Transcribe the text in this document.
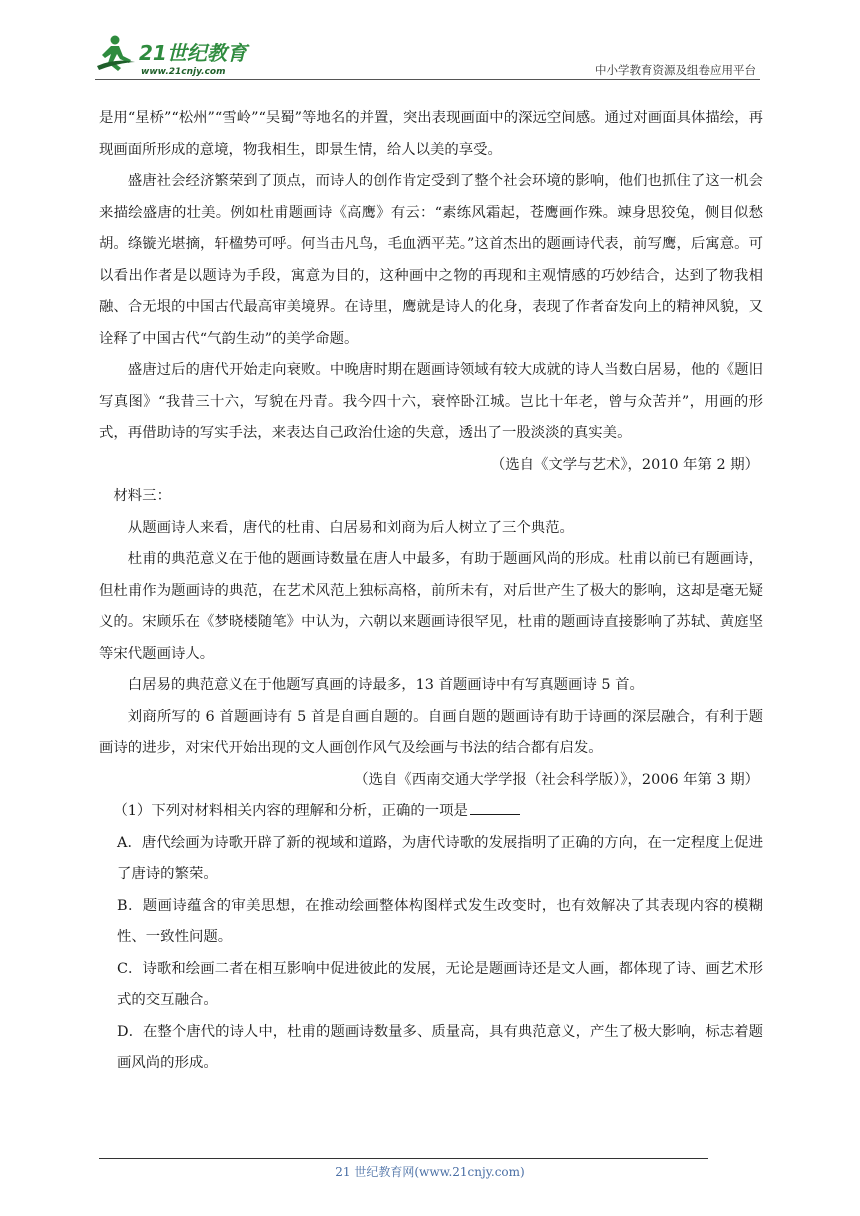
21世纪教育
www.21cnjy.com	中小学教育资源及组卷应用平台

是用“星桥”“松州”“雪岭”“吴蜀”等地名的并置，突出表现画面中的深远空间感。通过对画面具体描绘，再现画面所形成的意境，物我相生，即景生情，给人以美的享受。

盛唐社会经济繁荣到了顶点，而诗人的创作肯定受到了整个社会环境的影响，他们也抓住了这一机会来描绘盛唐的壮美。例如杜甫题画诗《高鹰》有云：“素练风霜起，苍鹰画作殊。竦身思狡兔，侧目似愁胡。绦镟光堪摘，轩楹势可呼。何当击凡鸟，毛血洒平芜。”这首杰出的题画诗代表，前写鹰，后寓意。可以看出作者是以题诗为手段，寓意为目的，这种画中之物的再现和主观情感的巧妙结合，达到了物我相融、合无垠的中国古代最高审美境界。在诗里，鹰就是诗人的化身，表现了作者奋发向上的精神风貌，又诠释了中国古代“气韵生动”的美学命题。

盛唐过后的唐代开始走向衰败。中晚唐时期在题画诗领域有较大成就的诗人当数白居易，他的《题旧写真图》“我昔三十六，写貌在丹青。我今四十六，衰悴卧江城。岂比十年老，曾与众苦并”，用画的形式，再借助诗的写实手法，来表达自己政治仕途的失意，透出了一股淡淡的真实美。

（选自《文学与艺术》，2010 年第 2 期）

材料三：

从题画诗人来看，唐代的杜甫、白居易和刘商为后人树立了三个典范。

杜甫的典范意义在于他的题画诗数量在唐人中最多，有助于题画风尚的形成。杜甫以前已有题画诗，但杜甫作为题画诗的典范，在艺术风范上独标高格，前所未有，对后世产生了极大的影响，这却是毫无疑义的。宋顾乐在《梦晓楼随笔》中认为，六朝以来题画诗很罕见，杜甫的题画诗直接影响了苏轼、黄庭坚等宋代题画诗人。

白居易的典范意义在于他题写真画的诗最多，13 首题画诗中有写真题画诗 5 首。

刘商所写的 6 首题画诗有 5 首是自画自题的。自画自题的题画诗有助于诗画的深层融合，有利于题画诗的进步，对宋代开始出现的文人画创作风气及绘画与书法的结合都有启发。

（选自《西南交通大学学报（社会科学版）》，2006 年第 3 期）

（1）下列对材料相关内容的理解和分析，正确的一项是

A．唐代绘画为诗歌开辟了新的视域和道路，为唐代诗歌的发展指明了正确的方向，在一定程度上促进了唐诗的繁荣。

B．题画诗蕴含的审美思想，在推动绘画整体构图样式发生改变时，也有效解决了其表现内容的模糊性、一致性问题。

C．诗歌和绘画二者在相互影响中促进彼此的发展，无论是题画诗还是文人画，都体现了诗、画艺术形式的交互融合。

D．在整个唐代的诗人中，杜甫的题画诗数量多、质量高，具有典范意义，产生了极大影响，标志着题画风尚的形成。

21 世纪教育网(www.21cnjy.com)
